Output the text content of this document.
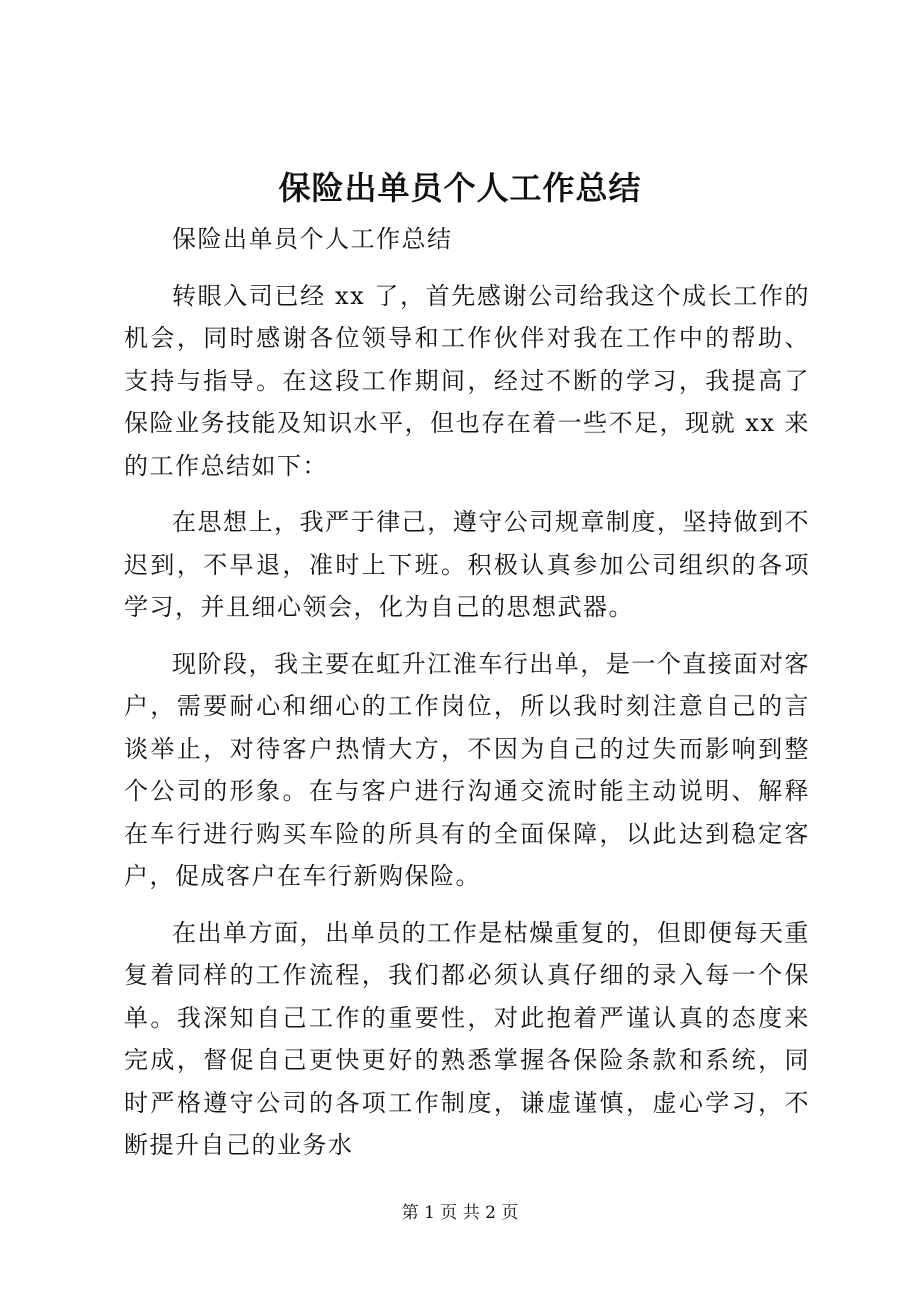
保险出单员个人工作总结

保险出单员个人工作总结

转眼入司已经 xx 了，首先感谢公司给我这个成长工作的机会，同时感谢各位领导和工作伙伴对我在工作中的帮助、支持与指导。在这段工作期间，经过不断的学习，我提高了保险业务技能及知识水平，但也存在着一些不足，现就 xx 来的工作总结如下：

在思想上，我严于律己，遵守公司规章制度，坚持做到不迟到，不早退，准时上下班。积极认真参加公司组织的各项学习，并且细心领会，化为自己的思想武器。

现阶段，我主要在虹升江淮车行出单，是一个直接面对客户，需要耐心和细心的工作岗位，所以我时刻注意自己的言谈举止，对待客户热情大方，不因为自己的过失而影响到整个公司的形象。在与客户进行沟通交流时能主动说明、解释在车行进行购买车险的所具有的全面保障，以此达到稳定客户，促成客户在车行新购保险。

在出单方面，出单员的工作是枯燥重复的，但即便每天重复着同样的工作流程，我们都必须认真仔细的录入每一个保单。我深知自己工作的重要性，对此抱着严谨认真的态度来完成，督促自己更快更好的熟悉掌握各保险条款和系统，同时严格遵守公司的各项工作制度，谦虚谨慎，虚心学习，不断提升自己的业务水

第 1 页 共 2 页
